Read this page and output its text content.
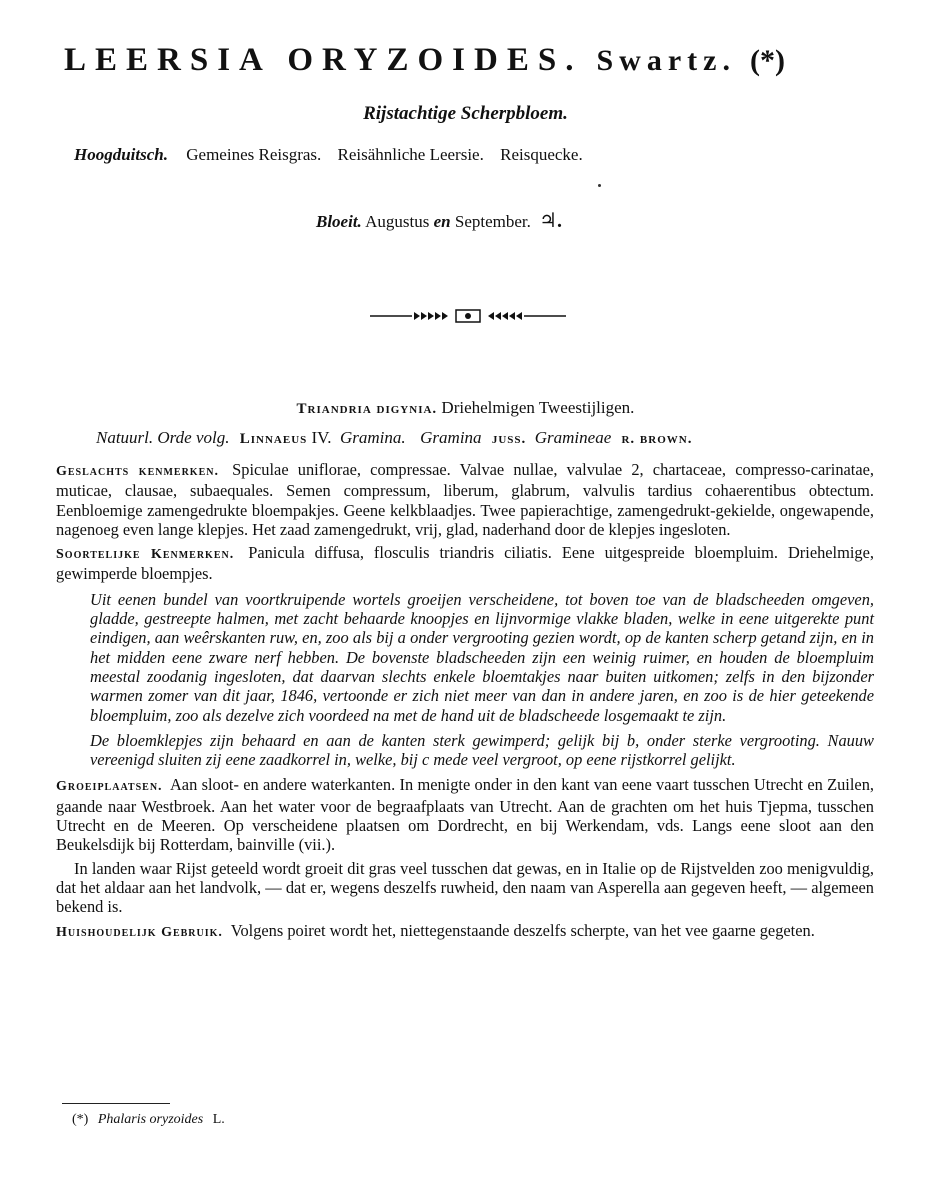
LEERSIA ORYZOIDES. Swartz. (*)
Rijstachtige Scherpbloem.
Hoogduitsch. Gemeines Reisgras. Reisähnliche Leersie. Reisquecke.
Bloeit. Augustus en September. ♃.
Triandria digynia. Driehelmigen Tweestijligen.
Natuurl. Orde volg. Linnaeus IV. Gramina. Gramina juss. Gramineae r. brown.

Geslachts kenmerken. Spiculae uniflorae, compressae. Valvae nullae, valvulae 2, chartaceae, compresso-carinatae, muticae, clausae, subaequales. Semen compressum, liberum, glabrum, valvulis tardius cohaerentibus obtectum. Eenbloemige zamengedrukte bloempakjes. Geene kelkblaadjes. Twee papierachtige, zamengedrukt-gekielde, ongewapende, nagenoeg even lange klepjes. Het zaad zamengedrukt, vrij, glad, naderhand door de klepjes ingesloten.

Soortelijke Kenmerken. Panicula diffusa, flosculis triandris ciliatis. Eene uitgespreide bloempluim. Driehelmige, gewimperde bloempjes.

Uit eenen bundel van voortkruipende wortels groeijen verscheidene, tot boven toe van de bladscheeden omgeven, gladde, gestreepte halmen, met zacht behaarde knoopjes en lijnvormige vlakke bladen, welke in eene uitgerekte punt eindigen, aan weêrskanten ruw, en, zoo als bij a onder vergrooting gezien wordt, op de kanten scherp getand zijn, en in het midden eene zware nerf hebben. De bovenste bladscheeden zijn een weinig ruimer, en houden de bloempluim meestal zoodanig ingesloten, dat daarvan slechts enkele bloemtakjes naar buiten uitkomen; zelfs in den bijzonder warmen zomer van dit jaar, 1846, vertoonde er zich niet meer van dan in andere jaren, en zoo is de hier geteekende bloempluim, zoo als dezelve zich voordeed na met de hand uit de bladscheede losgemaakt te zijn.

De bloemklepjes zijn behaard en aan de kanten sterk gewimperd; gelijk bij b, onder sterke vergrooting. Nauuw vereenigd sluiten zij eene zaadkorrel in, welke, bij c mede veel vergroot, op eene rijstkorrel gelijkt.

Groeiplaatsen. Aan sloot- en andere waterkanten. In menigte onder in den kant van eene vaart tusschen Utrecht en Zuilen, gaande naar Westbroek. Aan het water voor de begraafplaats van Utrecht. Aan de grachten om het huis Tjepma, tusschen Utrecht en de Meeren. Op verscheidene plaatsen om Dordrecht, en bij Werkendam, vds. Langs eene sloot aan den Beukelsdijk bij Rotterdam, bainville (vii.).

In landen waar Rijst geteeld wordt groeit dit gras veel tusschen dat gewas, en in Italie op de Rijstvelden zoo menigvuldig, dat het aldaar aan het landvolk, — dat er, wegens deszelfs ruwheid, den naam van Asperella aan gegeven heeft, — algemeen bekend is.

Huishoudelijk Gebruik. Volgens poiret wordt het, niettegenstaande deszelfs scherpte, van het vee gaarne gegeten.

(*) Phalaris oryzoides L.
